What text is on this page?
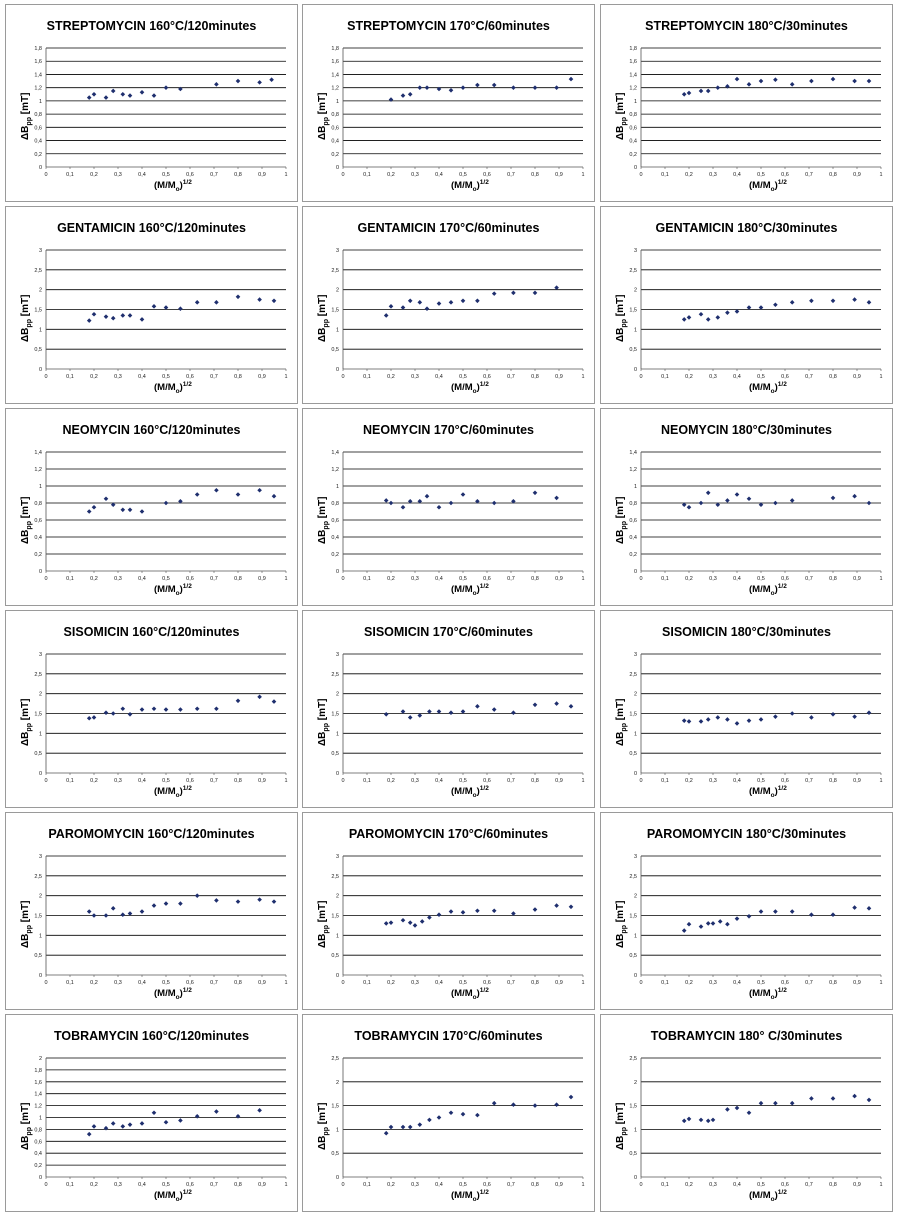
STREPTOMYCIN 160°C/120minutes
0
0,2
0,4
0,6
0,8
1
1,2
1,4
1,6
1,8
0	0,1	0,2	0,3	0,4	0,5	0,6	0,7	0,8	0,9	1
$\Delta B_{pp}$ [mT]
$(M/M_o)^{1/2}$
STREPTOMYCIN 170°C/60minutes
0
0,2
0,4
0,6
0,8
1
1,2
1,4
1,6
1,8
0	0,1	0,2	0,3	0,4	0,5	0,6	0,7	0,8	0,9	1
$\Delta B_{pp}$ [mT]
$(M/M_o)^{1/2}$
STREPTOMYCIN 180°C/30minutes
0
0,2
0,4
0,6
0,8
1
1,2
1,4
1,6
1,8
0	0,1	0,2	0,3	0,4	0,5	0,6	0,7	0,8	0,9	1
$\Delta B_{pp}$ [mT]
$(M/M_o)^{1/2}$
GENTAMICIN 160°C/120minutes
0
0,5
1
1,5
2
2,5
3
0	0,1	0,2	0,3	0,4	0,5	0,6	0,7	0,8	0,9	1
$\Delta B_{pp}$ [mT]
$(M/M_o)^{1/2}$
GENTAMICIN 170°C/60minutes
0
0,5
1
1,5
2
2,5
3
0	0,1	0,2	0,3	0,4	0,5	0,6	0,7	0,8	0,9	1
$\Delta B_{pp}$ [mT]
$(M/M_o)^{1/2}$
GENTAMICIN 180°C/30minutes
0
0,5
1
1,5
2
2,5
3
0	0,1	0,2	0,3	0,4	0,5	0,6	0,7	0,8	0,9	1
$\Delta B_{pp}$ [mT]
$(M/M_o)^{1/2}$
NEOMYCIN 160°C/120minutes
0
0,2
0,4
0,6
0,8
1
1,2
1,4
0	0,1	0,2	0,3	0,4	0,5	0,6	0,7	0,8	0,9	1
$\Delta B_{pp}$ [mT]
$(M/M_o)^{1/2}$
NEOMYCIN 170°C/60minutes
0
0,2
0,4
0,6
0,8
1
1,2
1,4
0	0,1	0,2	0,3	0,4	0,5	0,6	0,7	0,8	0,9	1
$\Delta B_{pp}$ [mT]
$(M/M_o)^{1/2}$
NEOMYCIN 180°C/30minutes
0
0,2
0,4
0,6
0,8
1
1,2
1,4
0	0,1	0,2	0,3	0,4	0,5	0,6	0,7	0,8	0,9	1
$\Delta B_{pp}$ [mT]
$(M/M_o)^{1/2}$
SISOMICIN 160°C/120minutes
0
0,5
1
1,5
2
2,5
3
0	0,1	0,2	0,3	0,4	0,5	0,6	0,7	0,8	0,9	1
$\Delta B_{pp}$ [mT]
$(M/M_o)^{1/2}$
SISOMICIN 170°C/60minutes
0
0,5
1
1,5
2
2,5
3
0	0,1	0,2	0,3	0,4	0,5	0,6	0,7	0,8	0,9	1
$\Delta B_{pp}$ [mT]
$(M/M_o)^{1/2}$
SISOMICIN 180°C/30minutes
0
0,5
1
1,5
2
2,5
3
0	0,1	0,2	0,3	0,4	0,5	0,6	0,7	0,8	0,9	1
$\Delta B_{pp}$ [mT]
$(M/M_o)^{1/2}$
PAROMOMYCIN 160°C/120minutes
0
0,5
1
1,5
2
2,5
3
0	0,1	0,2	0,3	0,4	0,5	0,6	0,7	0,8	0,9	1
$\Delta B_{pp}$ [mT]
$(M/M_o)^{1/2}$
PAROMOMYCIN 170°C/60minutes
0
0,5
1
1,5
2
2,5
3
0	0,1	0,2	0,3	0,4	0,5	0,6	0,7	0,8	0,9	1
$\Delta B_{pp}$ [mT]
$(M/M_o)^{1/2}$
PAROMOMYCIN 180°C/30minutes
0
0,5
1
1,5
2
2,5
3
0	0,1	0,2	0,3	0,4	0,5	0,6	0,7	0,8	0,9	1
$\Delta B_{pp}$ [mT]
$(M/M_o)^{1/2}$
TOBRAMYCIN 160°C/120minutes
0
0,2
0,4
0,6
0,8
1
1,2
1,4
1,6
1,8
2
0	0,1	0,2	0,3	0,4	0,5	0,6	0,7	0,8	0,9	1
$\Delta B_{pp}$ [mT]
$(M/M_o)^{1/2}$
TOBRAMYCIN 170°C/60minutes
0
0,5
1
1,5
2
2,5
0	0,1	0,2	0,3	0,4	0,5	0,6	0,7	0,8	0,9	1
$\Delta B_{pp}$ [mT]
$(M/M_o)^{1/2}$
TOBRAMYCIN 180° C/30minutes
0
0,5
1
1,5
2
2,5
0	0,1	0,2	0,3	0,4	0,5	0,6	0,7	0,8	0,9	1
$\Delta B_{pp}$ [mT]
$(M/M_o)^{1/2}$
